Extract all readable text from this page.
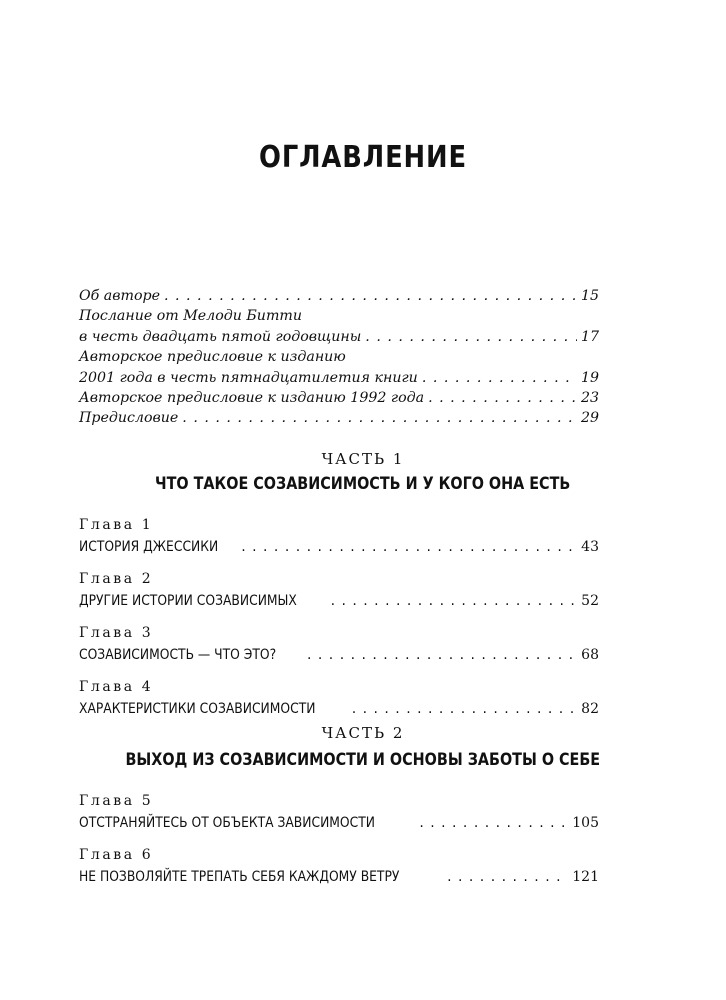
ОГЛАВЛЕНИЕ
Об авторе . . .	15
Послание от Мелоди Битти
в честь двадцать пятой годовщины . . .	17
Авторское предисловие к изданию
2001 года в честь пятнадцатилетия книги . . .	19
Авторское предисловие к изданию 1992 года . . .	23
Предисловие . . .	29
ЧАСТЬ 1
ЧТО ТАКОЕ СОЗАВИСИМОСТЬ И У КОГО ОНА ЕСТЬ
Глава 1
ИСТОРИЯ ДЖЕССИКИ . . .	43
Глава 2
ДРУГИЕ ИСТОРИИ СОЗАВИСИМЫХ . . .	52
Глава 3
СОЗАВИСИМОСТЬ — ЧТО ЭТО? . . .	68
Глава 4
ХАРАКТЕРИСТИКИ СОЗАВИСИМОСТИ . . .	82
ЧАСТЬ 2
ВЫХОД ИЗ СОЗАВИСИМОСТИ И ОСНОВЫ ЗАБОТЫ О СЕБЕ
Глава 5
ОТСТРАНЯЙТЕСЬ ОТ ОБЪЕКТА ЗАВИСИМОСТИ . . .	105
Глава 6
НЕ ПОЗВОЛЯЙТЕ ТРЕПАТЬ СЕБЯ КАЖДОМУ ВЕТРУ . . .	121
